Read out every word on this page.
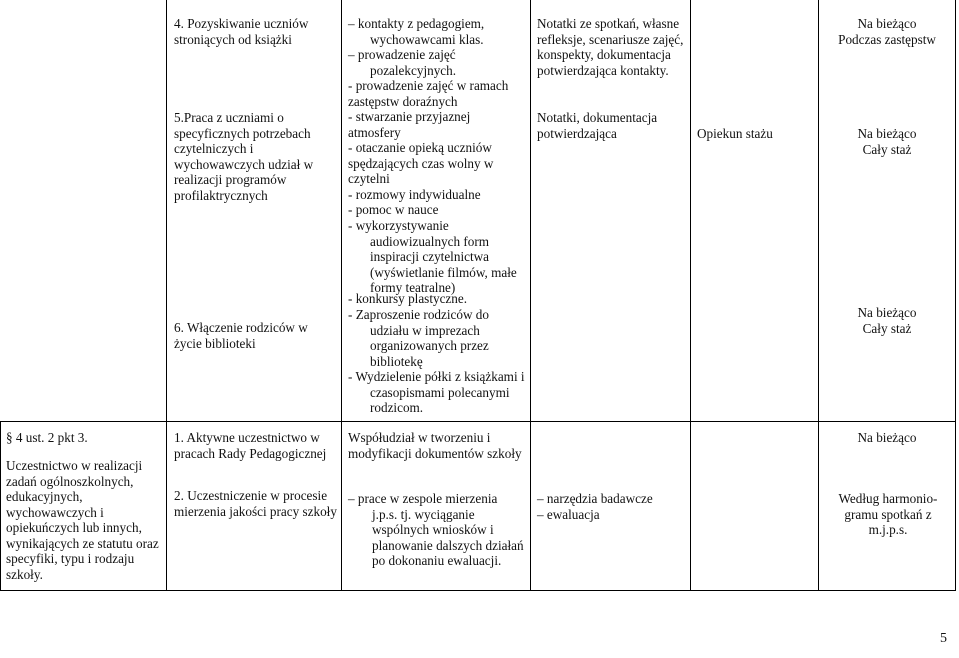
4. Pozyskiwanie uczniów stroniących od książki
5.Praca z uczniami o specyficznych potrzebach czytelniczych i wychowawczych udział w realizacji programów profilaktrycznych
6. Włączenie rodziców w życie biblioteki
– kontakty z pedagogiem, wychowawcami klas.
– prowadzenie zajęć pozalekcyjnych.
- prowadzenie zajęć w ramach zastępstw doraźnych
- stwarzanie przyjaznej atmosfery
- otaczanie opieką uczniów spędzających czas wolny w czytelni
- rozmowy indywidualne
- pomoc w nauce
- wykorzystywanie audiowizualnych form inspiracji czytelnictwa (wyświetlanie filmów, małe formy teatralne)
- konkursy plastyczne.
- Zaproszenie rodziców do udziału w imprezach organizowanych przez bibliotekę
- Wydzielenie półki z książkami i czasopismami polecanymi rodzicom.
Notatki ze spotkań, własne refleksje, scenariusze zajęć, konspekty, dokumentacja potwierdzająca kontakty.
Notatki, dokumentacja potwierdzająca	Opiekun stażu
Na bieżąco
Podczas zastępstw
Na bieżąco
Cały staż
Na bieżąco
Cały staż
§ 4 ust. 2 pkt 3.
Uczestnictwo w realizacji zadań ogólnoszkolnych, edukacyjnych, wychowawczych i opiekuńczych lub innych, wynikających ze statutu oraz specyfiki, typu i rodzaju szkoły.
1. Aktywne uczestnictwo w pracach Rady Pedagogicznej
2. Uczestniczenie w procesie mierzenia jakości pracy szkoły
Współudział w tworzeniu i modyfikacji dokumentów szkoły
– prace w zespole mierzenia j.p.s. tj. wyciąganie wspólnych wniosków i planowanie dalszych działań po dokonaniu ewaluacji.
– narzędzia badawcze
– ewaluacja
Na bieżąco
Według harmonio-gramu spotkań z m.j.p.s.
5
